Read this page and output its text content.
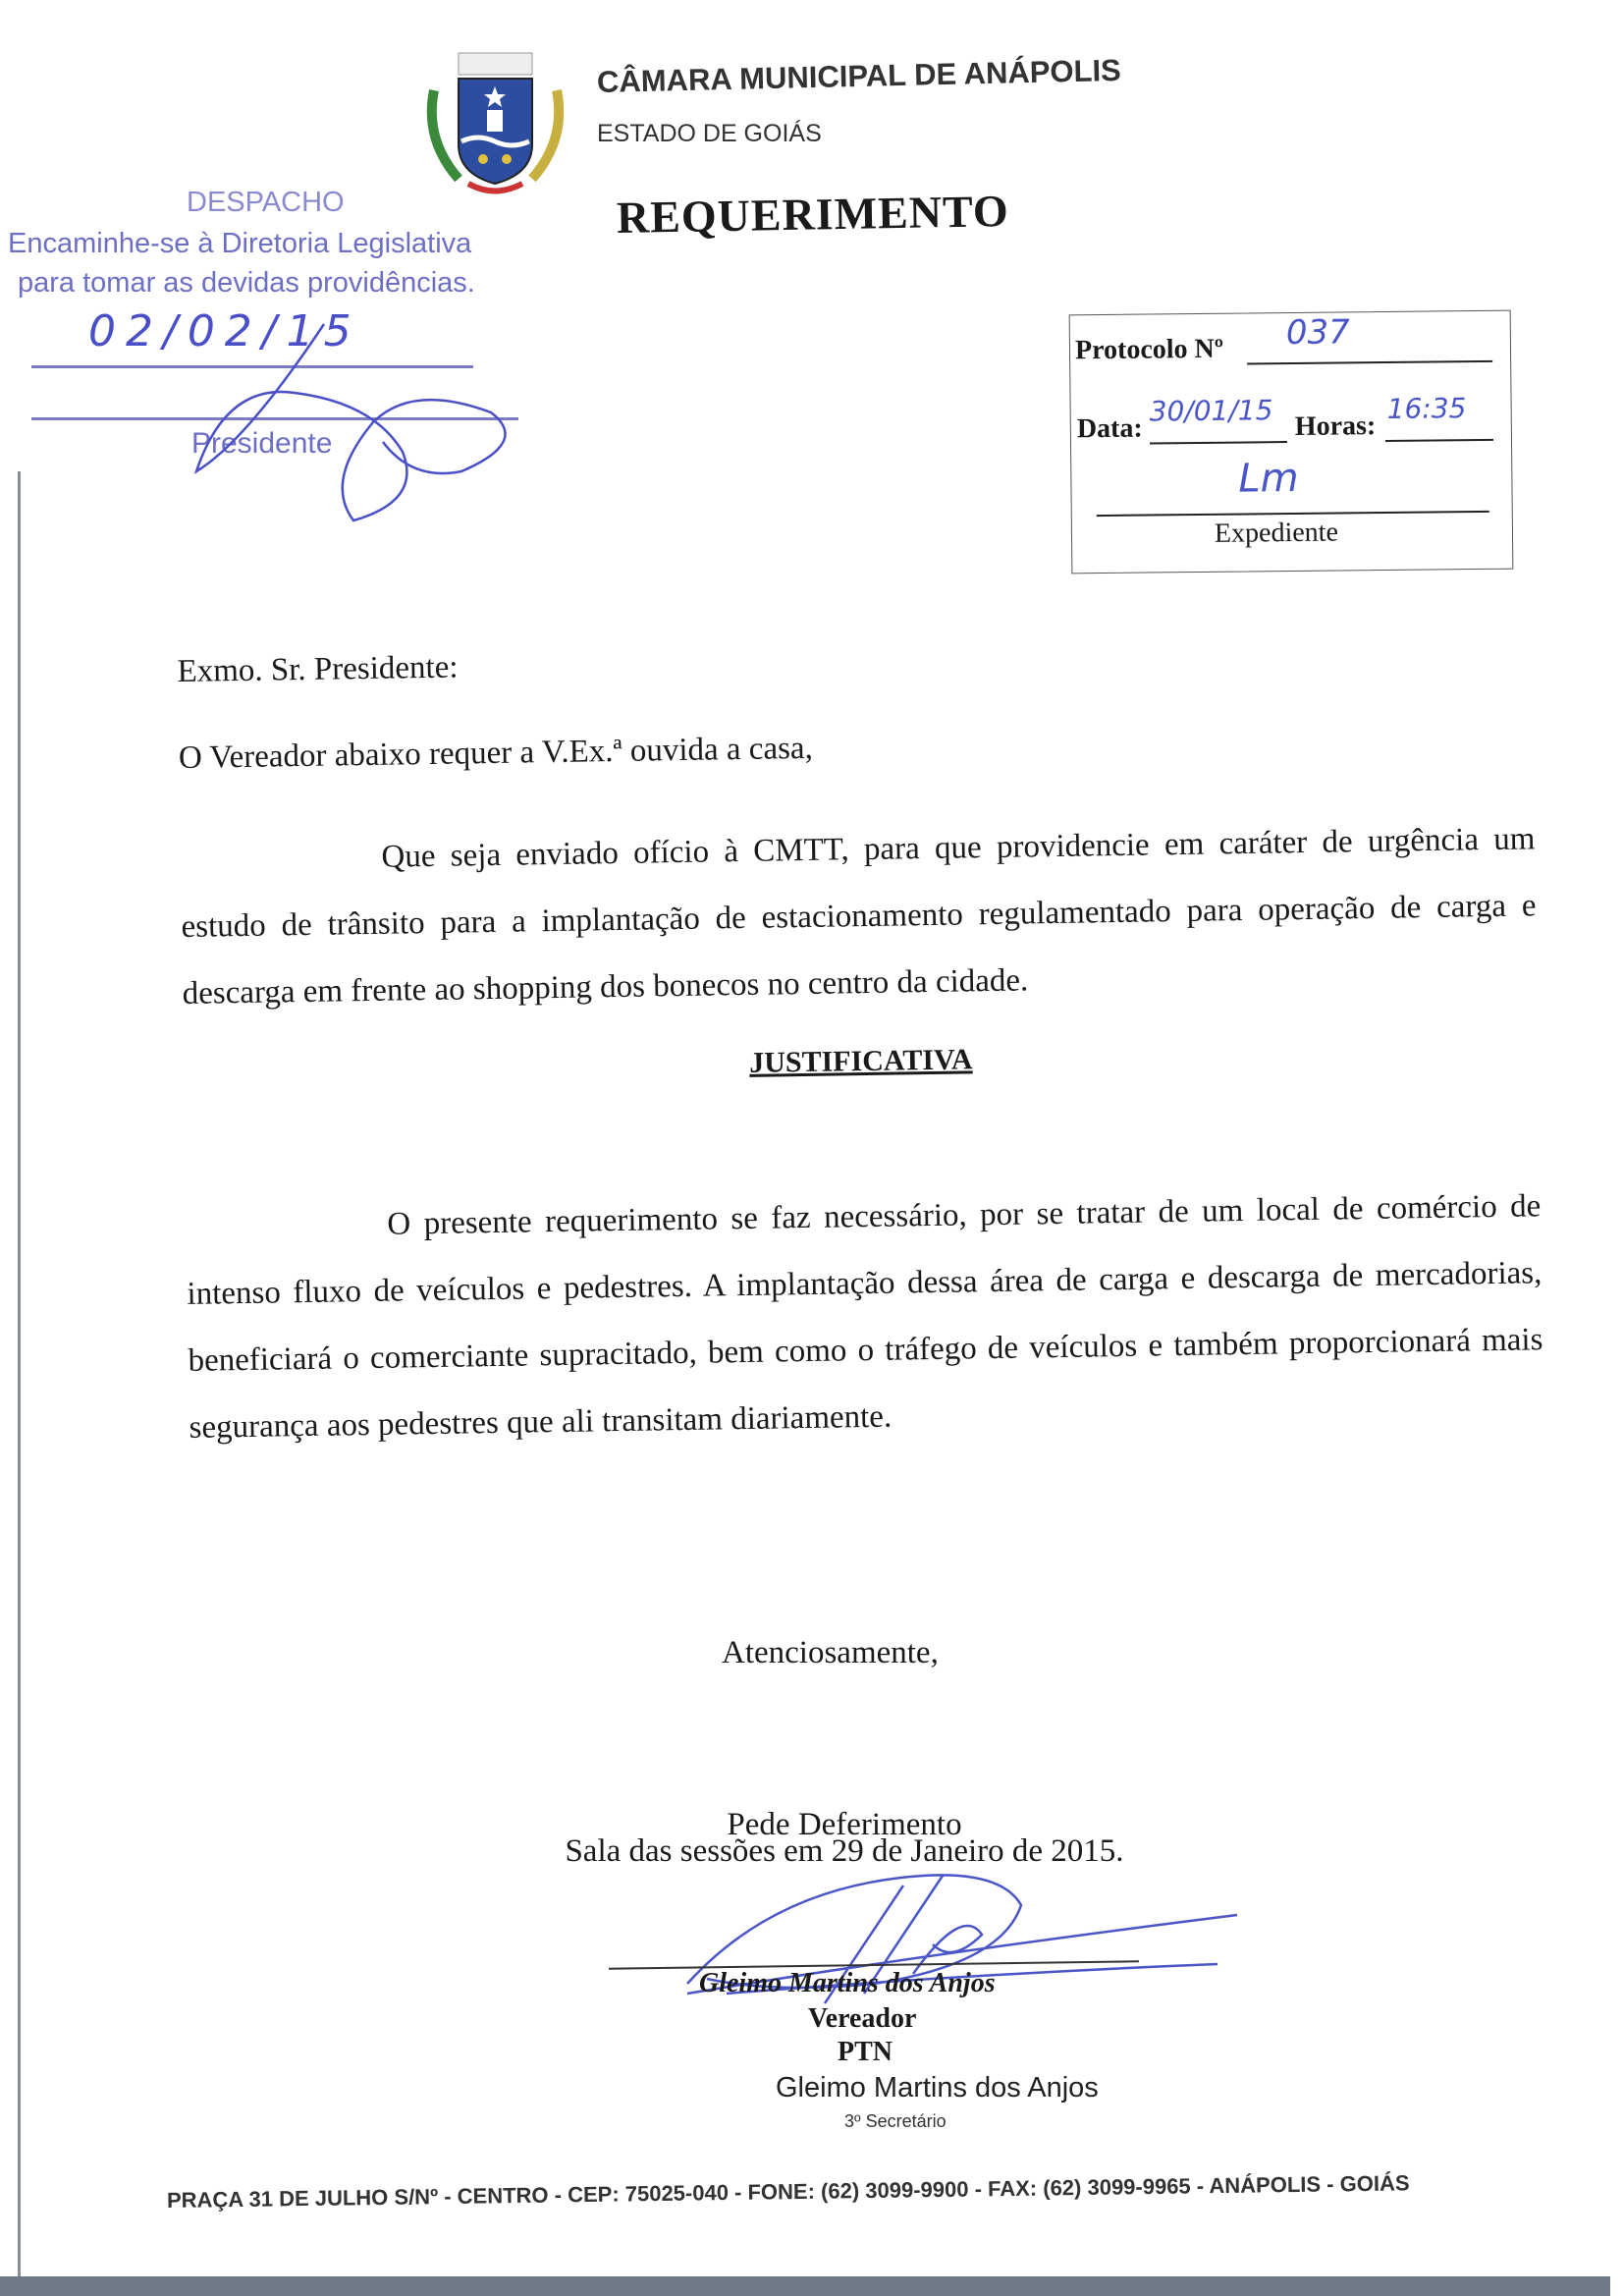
CÂMARA MUNICIPAL DE ANÁPOLIS
ESTADO DE GOIÁS
REQUERIMENTO
DESPACHO
Encaminhe-se à Diretoria Legislativa
para tomar as devidas providências.
02/02/15
Presidente
Protocolo Nº 037
Data:
30/01/15 Horas:
16:35
Lm
Expediente

Exmo. Sr. Presidente:

O Vereador abaixo requer a V.Ex.ª ouvida a casa,

Que seja enviado ofício à CMTT, para que providencie em caráter de urgência um estudo de trânsito para a implantação de estacionamento regulamentado para operação de carga e descarga em frente ao shopping dos bonecos no centro da cidade.

JUSTIFICATIVA

O presente requerimento se faz necessário, por se tratar de um local de comércio de intenso fluxo de veículos e pedestres. A implantação dessa área de carga e descarga de mercadorias, beneficiará o comerciante supracitado, bem como o tráfego de veículos e também proporcionará mais segurança aos pedestres que ali transitam diariamente.

Atenciosamente,
Pede Deferimento
Sala das sessões em 29 de Janeiro de 2015.
Gleimo Martins dos Anjos
Vereador
PTN
Gleimo Martins dos Anjos
3º Secretário
PRAÇA 31 DE JULHO S/Nº - CENTRO - CEP: 75025-040 - FONE: (62) 3099-9900 - FAX: (62) 3099-9965 - ANÁPOLIS - GOIÁS
